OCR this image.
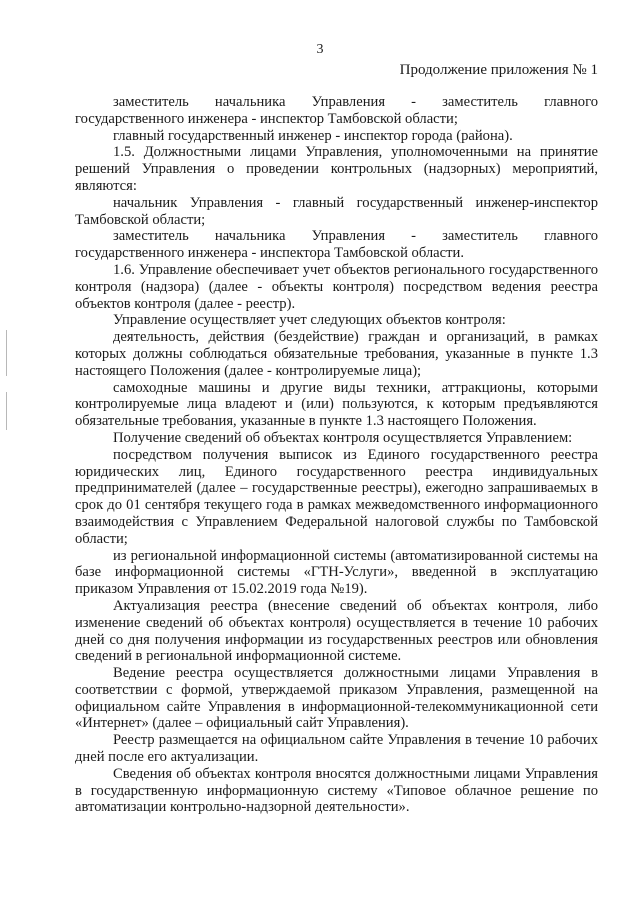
3
Продолжение приложения № 1

заместитель начальника Управления - заместитель главного государственного инженера - инспектор Тамбовской области;

главный государственный инженер - инспектор города (района).

1.5. Должностными лицами Управления, уполномоченными на принятие решений Управления о проведении контрольных (надзорных) мероприятий, являются:

начальник Управления - главный государственный инженер-инспектор Тамбовской области;

заместитель начальника Управления - заместитель главного государственного инженера - инспектора Тамбовской области.

1.6. Управление обеспечивает учет объектов регионального государственного контроля (надзора) (далее - объекты контроля) посредством ведения реестра объектов контроля (далее - реестр).

Управление осуществляет учет следующих объектов контроля:

деятельность, действия (бездействие) граждан и организаций, в рамках которых должны соблюдаться обязательные требования, указанные в пункте 1.3 настоящего Положения (далее - контролируемые лица);

самоходные машины и другие виды техники, аттракционы, которыми контролируемые лица владеют и (или) пользуются, к которым предъявляются обязательные требования, указанные в пункте 1.3 настоящего Положения.

Получение сведений об объектах контроля осуществляется Управлением:

посредством получения выписок из Единого государственного реестра юридических лиц, Единого государственного реестра индивидуальных предпринимателей (далее – государственные реестры), ежегодно запрашиваемых в срок до 01 сентября текущего года в рамках межведомственного информационного взаимодействия с Управлением Федеральной налоговой службы по Тамбовской области;

из региональной информационной системы (автоматизированной системы на базе информационной системы «ГТН-Услуги», введенной в эксплуатацию приказом Управления от 15.02.2019 года №19).

Актуализация реестра (внесение сведений об объектах контроля, либо изменение сведений об объектах контроля) осуществляется в течение 10 рабочих дней со дня получения информации из государственных реестров или обновления сведений в региональной информационной системе.

Ведение реестра осуществляется должностными лицами Управления в соответствии с формой, утверждаемой приказом Управления, размещенной на официальном сайте Управления в информационной-телекоммуникационной сети «Интернет» (далее – официальный сайт Управления).

Реестр размещается на официальном сайте Управления в течение 10 рабочих дней после его актуализации.

Сведения об объектах контроля вносятся должностными лицами Управления в государственную информационную систему «Типовое облачное решение по автоматизации контрольно-надзорной деятельности».
